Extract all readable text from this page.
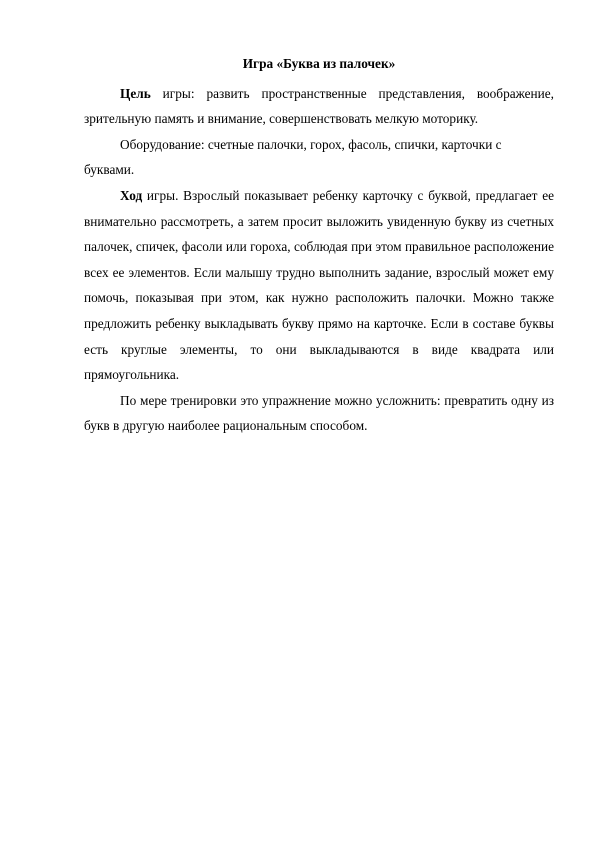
Игра «Буква из палочек»

Цель игры: развить пространственные представления, воображение, зрительную память и внимание, совершенствовать мелкую моторику.

Оборудование: счетные палочки, горох, фасоль, спички, карточки с буквами.

Ход игры. Взрослый показывает ребенку карточку с буквой, предлагает ее внимательно рассмотреть, а затем просит выложить увиденную букву из счетных палочек, спичек, фасоли или гороха, соблюдая при этом правильное расположение всех ее элементов. Если малышу трудно выполнить задание, взрослый может ему помочь, показывая при этом, как нужно расположить палочки. Можно также предложить ребенку выкладывать букву прямо на карточке. Если в составе буквы есть круглые элементы, то они выкладываются в виде квадрата или прямоугольника.

По мере тренировки это упражнение можно усложнить: превратить одну из букв в другую наиболее рациональным способом.
